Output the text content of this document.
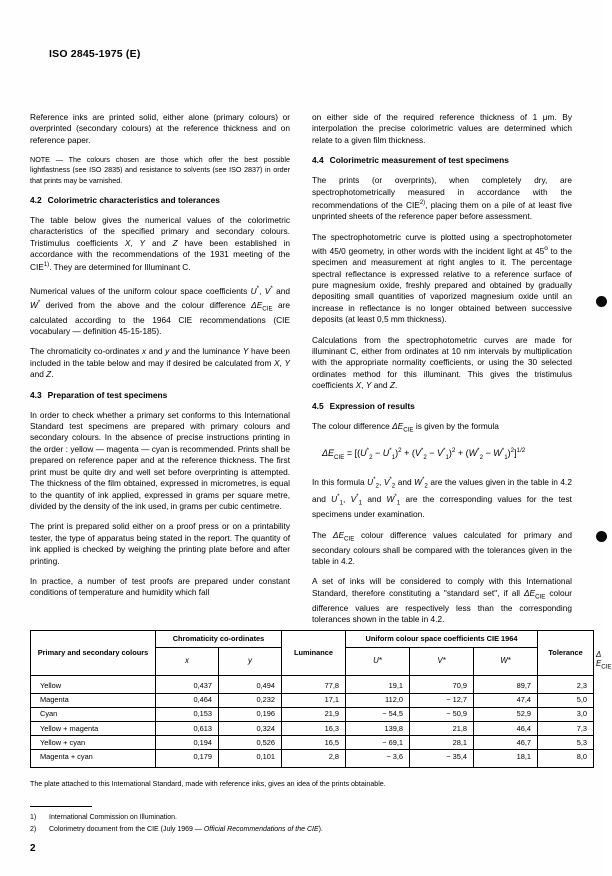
ISO 2845-1975 (E)

Reference inks are printed solid, either alone (primary colours) or overprinted (secondary colours) at the reference thickness and on reference paper.

NOTE — The colours chosen are those which offer the best possible lightfastness (see ISO 2835) and resistance to solvents (see ISO 2837) in order that prints may be varnished.

4.2 Colorimetric characteristics and tolerances

The table below gives the numerical values of the colorimetric characteristics of the specified primary and secondary colours. Tristimulus coefficients X, Y and Z have been established in accordance with the recommendations of the 1931 meeting of the CIE$^{1)}$. They are determined for Illuminant C.

Numerical values of the uniform colour space coefficients U*, V* and W* derived from the above and the colour difference $\Delta E_{CIE}$ are calculated according to the 1964 CIE recommendations (CIE vocabulary — definition 45-15-185).

The chromaticity co-ordinates x and y and the luminance Y have been included in the table below and may if desired be calculated from X, Y and Z.

4.3 Preparation of test specimens

In order to check whether a primary set conforms to this International Standard test specimens are prepared with primary colours and secondary colours. In the absence of precise instructions printing in the order : yellow — magenta — cyan is recommended. Prints shall be prepared on reference paper and at the reference thickness. The first print must be quite dry and well set before overprinting is attempted. The thickness of the film obtained, expressed in micrometres, is equal to the quantity of ink applied, expressed in grams per square metre, divided by the density of the ink used, in grams per cubic centimetre.

The print is prepared solid either on a proof press or on a printability tester, the type of apparatus being stated in the report. The quantity of ink applied is checked by weighing the printing plate before and after printing.

In practice, a number of test proofs are prepared under constant conditions of temperature and humidity which fall

on either side of the required reference thickness of 1 μm. By interpolation the precise colorimetric values are determined which relate to a given film thickness.

4.4 Colorimetric measurement of test specimens

The prints (or overprints), when completely dry, are spectrophotometrically measured in accordance with the recommendations of the CIE$^{2)}$, placing them on a pile of at least five unprinted sheets of the reference paper before assessment.

The spectrophotometric curve is plotted using a spectrophotometer with 45/0 geometry, in other words with the incident light at 45$^o$ to the specimen and measurement at right angles to it. The percentage spectral reflectance is expressed relative to a reference surface of pure magnesium oxide, freshly prepared and obtained by gradually depositing small quantities of vaporized magnesium oxide until an increase in reflectance is no longer obtained between successive deposits (at least 0,5 mm thickness).

Calculations from the spectrophotometric curves are made for illuminant C, either from ordinates at 10 nm intervals by multiplication with the appropriate normality coefficients, or using the 30 selected ordinates method for this illuminant. This gives the tristimulus coefficients X, Y and Z.

4.5 Expression of results

The colour difference $\Delta E_{CIE}$ is given by the formula

$\Delta E_{CIE} = [(U^*_2 - U^*_1)^2 + (V^*_2 - V^*_1)^2 + (W^*_2 - W^*_1)^2]^{1/2}$

In this formula $U^*_2$, $V^*_2$ and $W^*_2$ are the values given in the table in 4.2 and $U^*_1$, $V^*_1$ and $W^*_1$ are the corresponding values for the test specimens under examination.

The $\Delta E_{CIE}$ colour difference values calculated for primary and secondary colours shall be compared with the tolerances given in the table in 4.2.

A set of inks will be considered to comply with this International Standard, therefore constituting a ''standard set'', if all $\Delta E_{CIE}$ colour difference values are respectively less than the corresponding tolerances shown in the table in 4.2.

Primary and secondary colours	Chromaticity co-ordinates		Luminance	Uniform colour space coefficients CIE 1964			Tolerance	
	x	y		U*	V*	W*		Δ $E_{CIE}$
Yellow	0,437	0,494	77,8	19,1	70,9	89,7	2,3	
Magenta	0,464	0,232	17,1	112,0	− 12,7	47,4	5,0	
Cyan	0,153	0,196	21,9	− 54,5	− 50,9	52,9	3,0	
Yellow + magenta	0,613	0,324	16,3	139,8	21,8	46,4	7,3	
Yellow + cyan	0,194	0,526	16,5	− 69,1	28,1	46,7	5,3	
Magenta + cyan	0,179	0,101	2,8	− 3,6	− 35,4	18,1	8,0	
The plate attached to this International Standard, made with reference inks, gives an idea of the prints obtainable.
1)	International Commission on Illumination.
2)	Colorimetry document from the CIE (July 1969 — Official Recommendations of the CIE).
2
